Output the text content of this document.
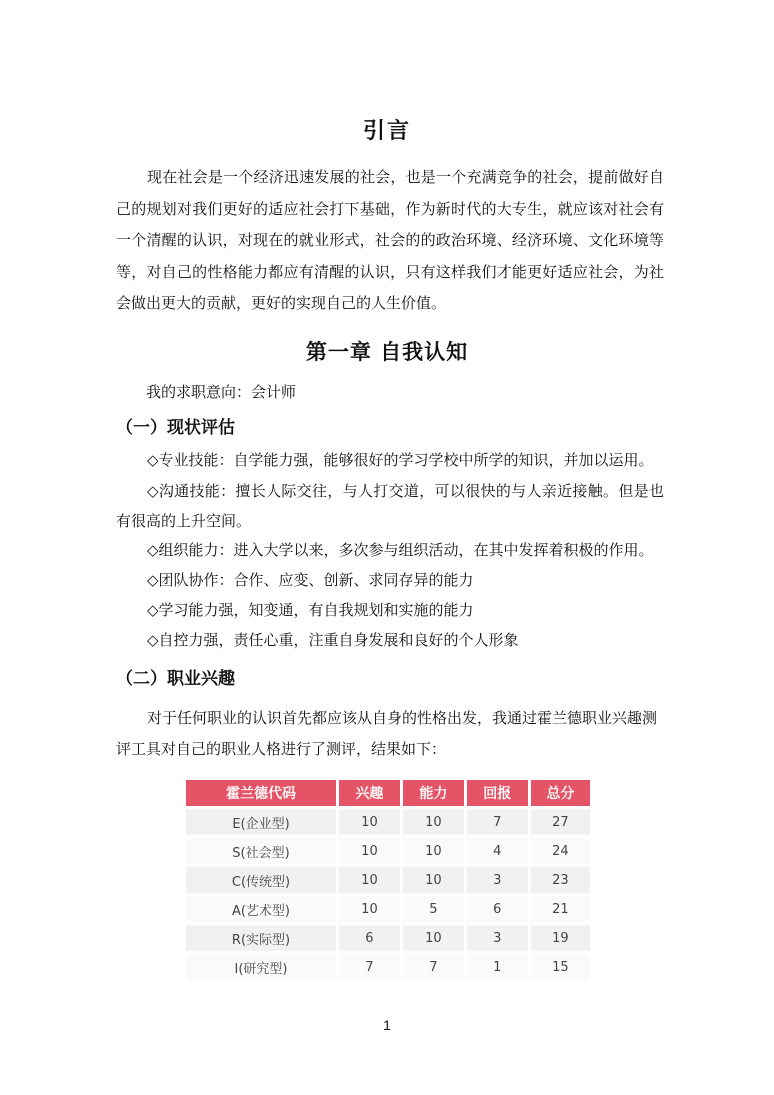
引言

现在社会是一个经济迅速发展的社会，也是一个充满竞争的社会，提前做好自己的规划对我们更好的适应社会打下基础，作为新时代的大专生，就应该对社会有一个清醒的认识，对现在的就业形式，社会的的政治环境、经济环境、文化环境等等，对自己的性格能力都应有清醒的认识，只有这样我们才能更好适应社会，为社会做出更大的贡献，更好的实现自己的人生价值。

第一章 自我认知
我的求职意向：会计师
（一）现状评估

◇专业技能：自学能力强，能够很好的学习学校中所学的知识，并加以运用。

◇沟通技能：擅长人际交往，与人打交道，可以很快的与人亲近接触。但是也有很高的上升空间。

◇组织能力：进入大学以来，多次参与组织活动，在其中发挥着积极的作用。

◇团队协作：合作、应变、创新、求同存异的能力

◇学习能力强，知变通，有自我规划和实施的能力

◇自控力强，责任心重，注重自身发展和良好的个人形象

（二）职业兴趣

对于任何职业的认识首先都应该从自身的性格出发，我通过霍兰德职业兴趣测评工具对自己的职业人格进行了测评，结果如下：

霍兰德代码	兴趣	能力	回报	总分
E(企业型)	10	10	7	27
S(社会型)	10	10	4	24
C(传统型)	10	10	3	23
A(艺术型)	10	5	6	21
R(实际型)	6	10	3	19
I(研究型)	7	7	1	15
1
